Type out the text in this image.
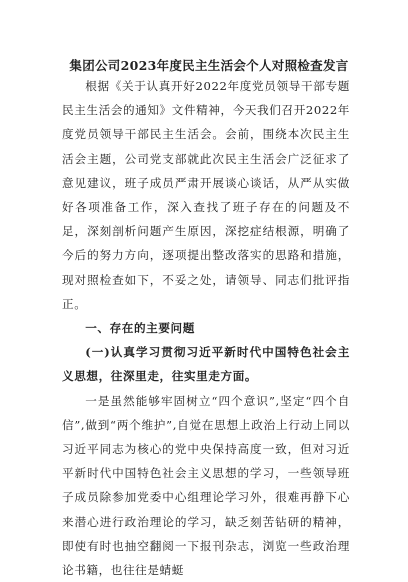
集团公司2023年度民主生活会个人对照检查发言

根据《关于认真开好2022年度党员领导干部专题民主生活会的通知》文件精神，今天我们召开2022年度党员领导干部民主生活会。会前，围绕本次民主生活会主题，公司党支部就此次民主生活会广泛征求了意见建议，班子成员严肃开展谈心谈话，从严从实做好各项准备工作，深入查找了班子存在的问题及不足，深刻剖析问题产生原因，深挖症结根源，明确了今后的努力方向，逐项提出整改落实的思路和措施，现对照检查如下，不妥之处，请领导、同志们批评指正。

一、存在的主要问题

(一)认真学习贯彻习近平新时代中国特色社会主义思想，往深里走，往实里走方面。

一是虽然能够牢固树立“四个意识”,坚定“四个自信”,做到“两个维护”,自觉在思想上政治上行动上同以习近平同志为核心的党中央保持高度一致，但对习近平新时代中国特色社会主义思想的学习，一些领导班子成员除参加党委中心组理论学习外，很难再静下心来潜心进行政治理论的学习，缺乏刻苦钻研的精神，即使有时也抽空翻阅一下报刊杂志，浏览一些政治理论书籍，也往往是蜻蜓
